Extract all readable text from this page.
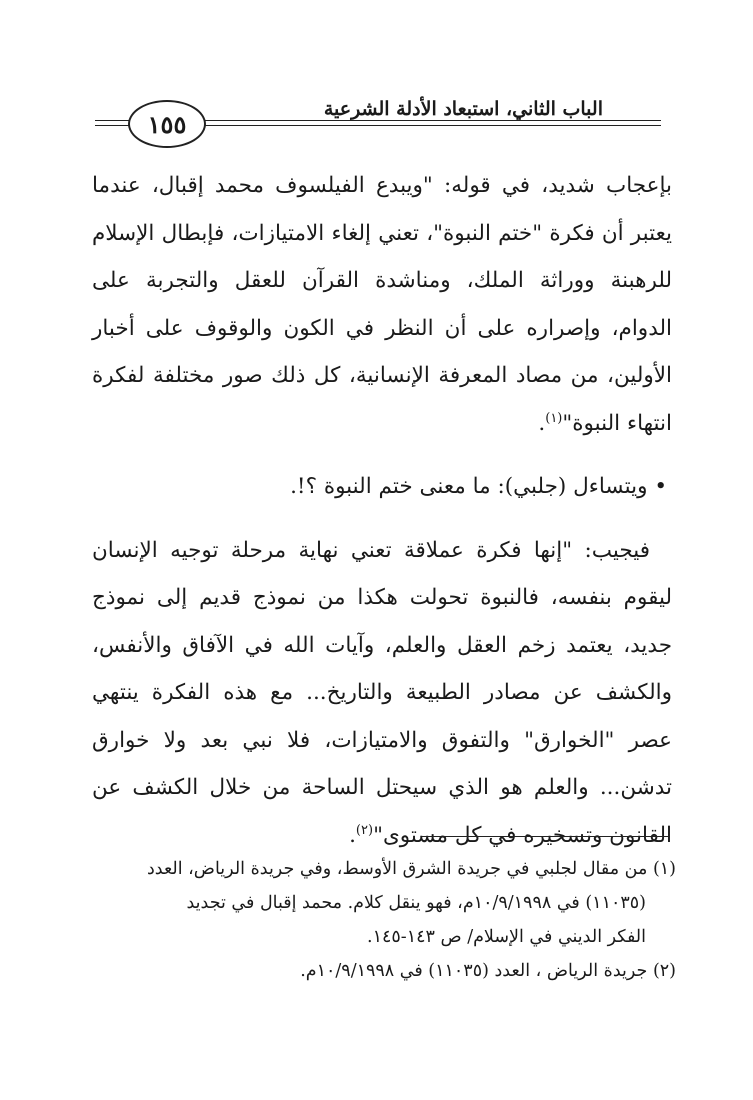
١٥٥
الباب الثاني، استبعاد الأدلة الشرعية

بإعجاب شديد، في قوله: "ويبدع الفيلسوف محمد إقبال، عندما يعتبر أن فكرة "ختم النبوة"، تعني إلغاء الامتيازات، فإبطال الإسلام للرهبنة ووراثة الملك، ومناشدة القرآن للعقل والتجربة على الدوام، وإصراره على أن النظر في الكون والوقوف على أخبار الأولين، من مصاد المعرفة الإنسانية، كل ذلك صور مختلفة لفكرة انتهاء النبوة"$^{(١)}$.

• ويتساءل (جلبي): ما معنى ختم النبوة ؟!.

فيجيب: "إنها فكرة عملاقة تعني نهاية مرحلة توجيه الإنسان ليقوم بنفسه، فالنبوة تحولت هكذا من نموذج قديم إلى نموذج جديد، يعتمد زخم العقل والعلم، وآيات الله في الآفاق والأنفس، والكشف عن مصادر الطبيعة والتاريخ... مع هذه الفكرة ينتهي عصر "الخوارق" والتفوق والامتيازات، فلا نبي بعد ولا خوارق تدشن... والعلم هو الذي سيحتل الساحة من خلال الكشف عن القانون وتسخيره في كل مستوى"$^{(٢)}$.

(١) من مقال لجلبي في جريدة الشرق الأوسط، وفي جريدة الرياض، العدد

(١١٠٣٥) في ١٠/٩/١٩٩٨م، فهو ينقل كلام. محمد إقبال في تجديد

الفكر الديني في الإسلام/ ص ١٤٣-١٤٥.

(٢) جريدة الرياض ، العدد (١١٠٣٥) في ١٠/٩/١٩٩٨م.
